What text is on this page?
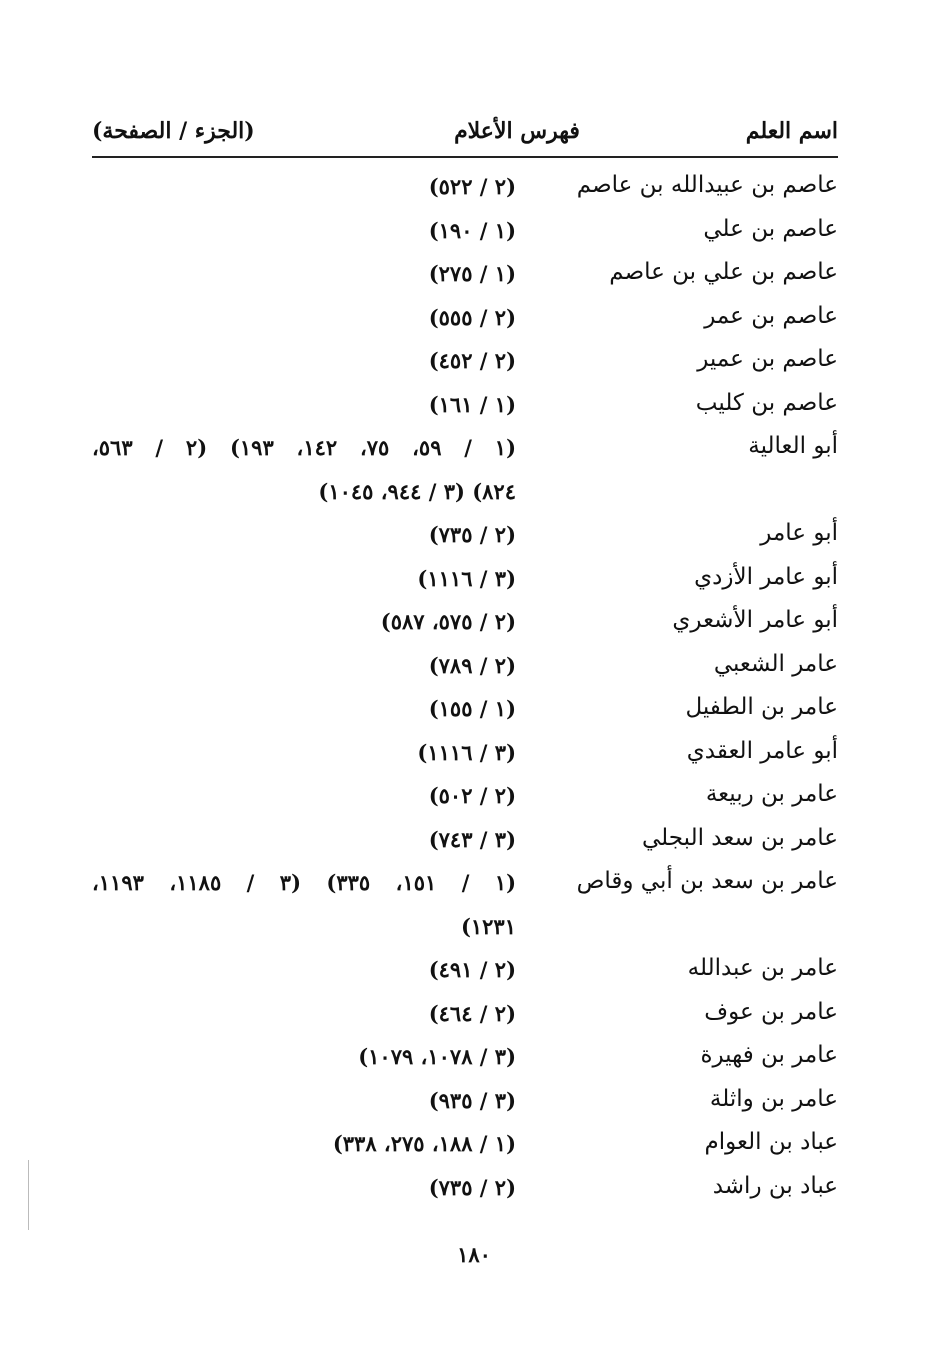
اسم العلم
فهرس الأعلام
(الجزء / الصفحة)
عاصم بن عبيدالله بن عاصم
(٢ / ٥٢٢)
عاصم بن علي
(١ / ١٩٠)
عاصم بن علي بن عاصم
(١ / ٢٧٥)
عاصم بن عمر
(٢ / ٥٥٥)
عاصم بن عمير
(٢ / ٤٥٢)
عاصم بن كليب
(١ / ١٦١)
أبو العالية
(١ / ٥٩، ٧٥، ١٤٢، ١٩٣) (٢ / ٥٦٣،
٨٢٤) (٣ / ٩٤٤، ١٠٤٥)
أبو عامر
(٢ / ٧٣٥)
أبو عامر الأزدي
(٣ / ١١١٦)
أبو عامر الأشعري
(٢ / ٥٧٥، ٥٨٧)
عامر الشعبي
(٢ / ٧٨٩)
عامر بن الطفيل
(١ / ١٥٥)
أبو عامر العقدي
(٣ / ١١١٦)
عامر بن ربيعة
(٢ / ٥٠٢)
عامر بن سعد البجلي
(٣ / ٧٤٣)
عامر بن سعد بن أبي وقاص
(١ / ١٥١، ٣٣٥) (٣ / ١١٨٥، ١١٩٣،
١٢٣١)
عامر بن عبدالله
(٢ / ٤٩١)
عامر بن عوف
(٢ / ٤٦٤)
عامر بن فهيرة
(٣ / ١٠٧٨، ١٠٧٩)
عامر بن واثلة
(٣ / ٩٣٥)
عباد بن العوام
(١ / ١٨٨، ٢٧٥، ٣٣٨)
عباد بن راشد
(٢ / ٧٣٥)
١٨٠
